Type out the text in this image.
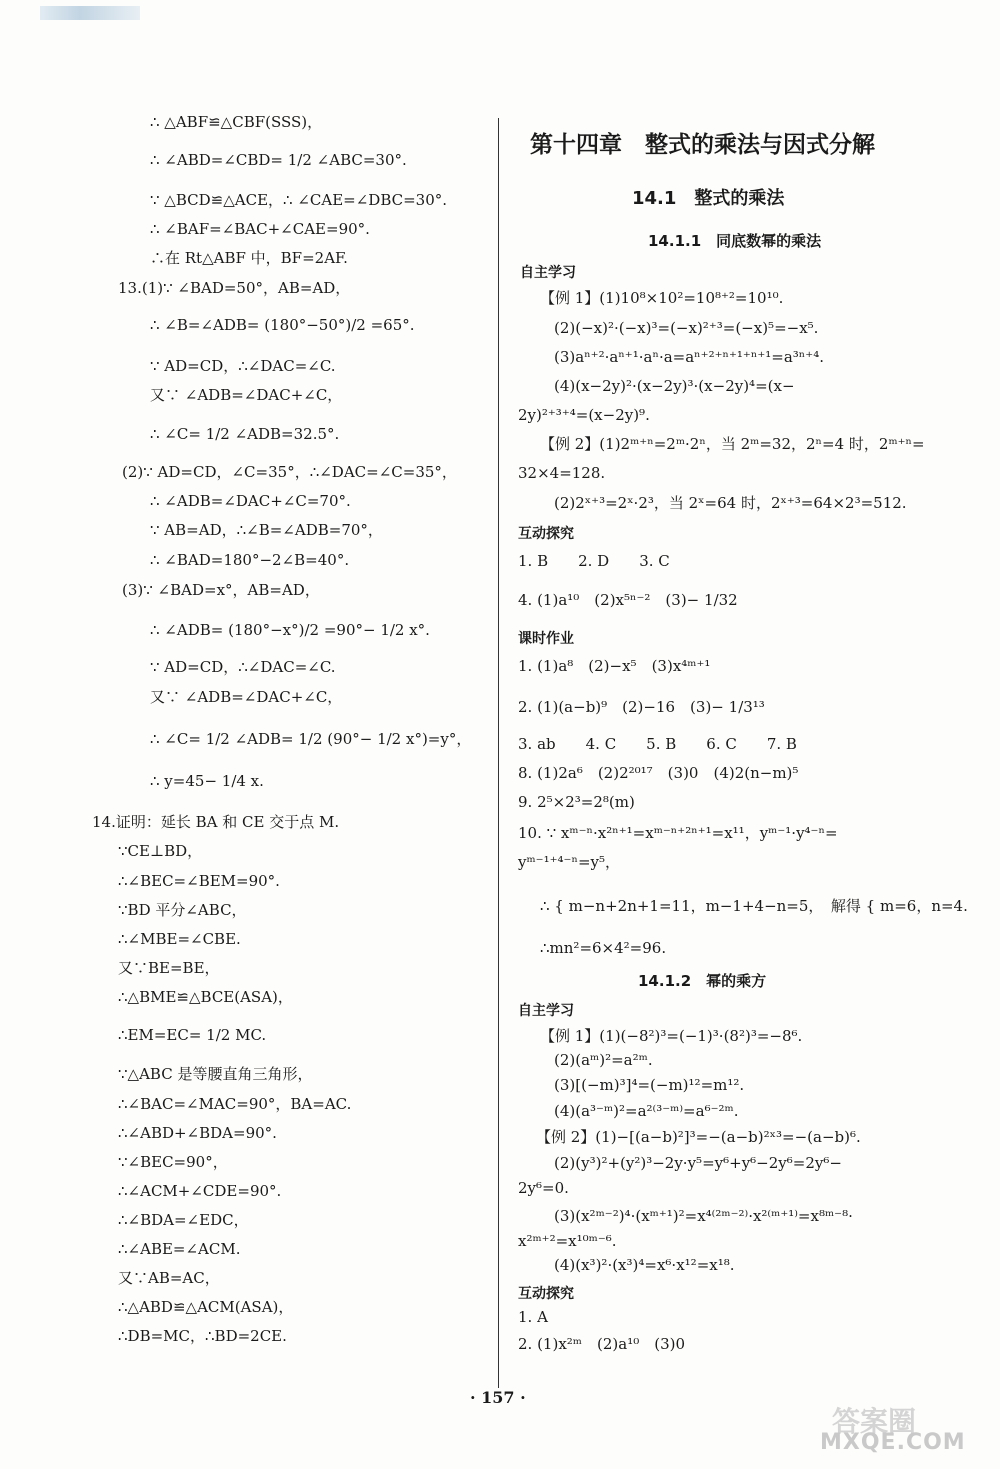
∴ △ABF≌△CBF(SSS)，
∴ ∠ABD=∠CBD= 1/2 ∠ABC=30°.
∵ △BCD≌△ACE，∴ ∠CAE=∠DBC=30°.
∴ ∠BAF=∠BAC+∠CAE=90°.
∴在 Rt△ABF 中，BF=2AF.
13.(1)∵ ∠BAD=50°，AB=AD，
∴ ∠B=∠ADB= (180°−50°)/2 =65°.
∵ AD=CD，∴∠DAC=∠C.
又∵ ∠ADB=∠DAC+∠C，
∴ ∠C= 1/2 ∠ADB=32.5°.
(2)∵ AD=CD，∠C=35°，∴∠DAC=∠C=35°，
∴ ∠ADB=∠DAC+∠C=70°.
∵ AB=AD，∴∠B=∠ADB=70°，
∴ ∠BAD=180°−2∠B=40°.
(3)∵ ∠BAD=x°，AB=AD，
∴ ∠ADB= (180°−x°)/2 =90°− 1/2 x°.
∵ AD=CD，∴∠DAC=∠C.
又∵ ∠ADB=∠DAC+∠C，
∴ ∠C= 1/2 ∠ADB= 1/2 (90°− 1/2 x°)=y°，
∴ y=45− 1/4 x.
14.证明：延长 BA 和 CE 交于点 M.
∵CE⊥BD，
∴∠BEC=∠BEM=90°.
∵BD 平分∠ABC，
∴∠MBE=∠CBE.
又∵BE=BE，
∴△BME≌△BCE(ASA)，
∴EM=EC= 1/2 MC.
∵△ABC 是等腰直角三角形，
∴∠BAC=∠MAC=90°，BA=AC.
∴∠ABD+∠BDA=90°.
∵∠BEC=90°，
∴∠ACM+∠CDE=90°.
∴∠BDA=∠EDC，
∴∠ABE=∠ACM.
又∵AB=AC，
∴△ABD≌△ACM(ASA)，
∴DB=MC，∴BD=2CE.
第十四章　整式的乘法与因式分解
14.1　整式的乘法
14.1.1　同底数幂的乘法
自主学习
【例 1】(1)10⁸×10²=10⁸⁺²=10¹⁰.
(2)(−x)²·(−x)³=(−x)²⁺³=(−x)⁵=−x⁵.
(3)aⁿ⁺²·aⁿ⁺¹·aⁿ·a=aⁿ⁺²⁺ⁿ⁺¹⁺ⁿ⁺¹=a³ⁿ⁺⁴.
(4)(x−2y)²·(x−2y)³·(x−2y)⁴=(x−
2y)²⁺³⁺⁴=(x−2y)⁹.
【例 2】(1)2ᵐ⁺ⁿ=2ᵐ·2ⁿ，当 2ᵐ=32，2ⁿ=4 时，2ᵐ⁺ⁿ=
32×4=128.
(2)2ˣ⁺³=2ˣ·2³，当 2ˣ=64 时，2ˣ⁺³=64×2³=512.
互动探究
1. B　　2. D　　3. C
4. (1)a¹⁰　(2)x⁵ⁿ⁻²　(3)− 1/32
课时作业
1. (1)a⁸　(2)−x⁵　(3)x⁴ᵐ⁺¹
2. (1)(a−b)⁹　(2)−16　(3)− 1/3¹³
3. ab　　4. C　　5. B　　6. C　　7. B
8. (1)2a⁶　(2)2²⁰¹⁷　(3)0　(4)2(n−m)⁵
9. 2⁵×2³=2⁸(m)
10. ∵ xᵐ⁻ⁿ·x²ⁿ⁺¹=xᵐ⁻ⁿ⁺²ⁿ⁺¹=x¹¹，yᵐ⁻¹·y⁴⁻ⁿ=
yᵐ⁻¹⁺⁴⁻ⁿ=y⁵，
∴ { m−n+2n+1=11，m−1+4−n=5，　解得 { m=6，n=4.
∴mn²=6×4²=96.
14.1.2　幂的乘方
自主学习
【例 1】(1)(−8²)³=(−1)³·(8²)³=−8⁶.
(2)(aᵐ)²=a²ᵐ.
(3)[(−m)³]⁴=(−m)¹²=m¹².
(4)(a³⁻ᵐ)²=a²⁽³⁻ᵐ⁾=a⁶⁻²ᵐ.
【例 2】(1)−[(a−b)²]³=−(a−b)²ˣ³=−(a−b)⁶.
(2)(y³)²+(y²)³−2y·y⁵=y⁶+y⁶−2y⁶=2y⁶−
2y⁶=0.
(3)(x²ᵐ⁻²)⁴·(xᵐ⁺¹)²=x⁴⁽²ᵐ⁻²⁾·x²⁽ᵐ⁺¹⁾=x⁸ᵐ⁻⁸·
x²ᵐ⁺²=x¹⁰ᵐ⁻⁶.
(4)(x³)²·(x³)⁴=x⁶·x¹²=x¹⁸.
互动探究
1. A
2. (1)x²ᵐ　(2)a¹⁰　(3)0
· 157 ·
答案圈
MXQE.COM
